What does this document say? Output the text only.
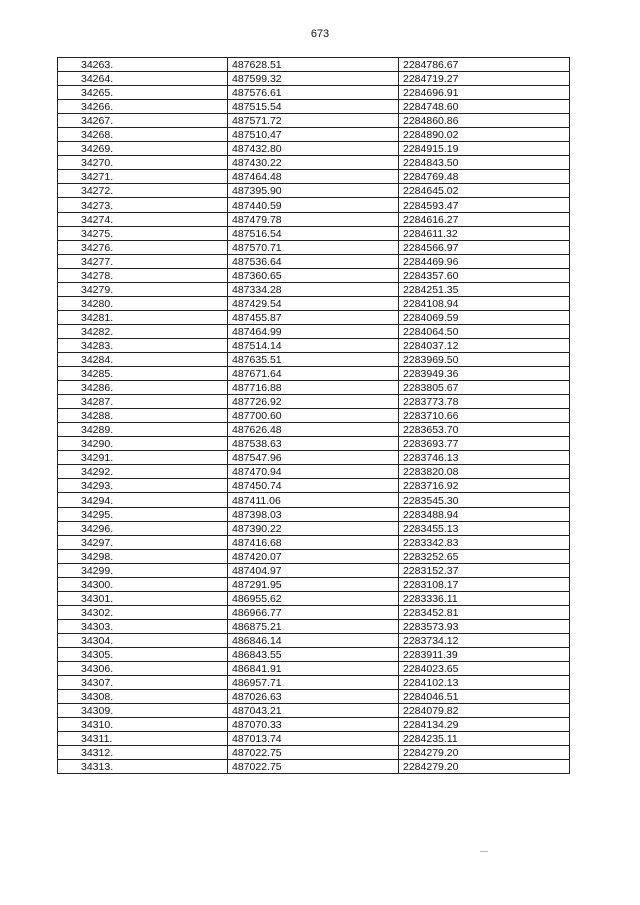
673
34263.	487628.51	2284786.67
34264.	487599.32	2284719.27
34265.	487576.61	2284696.91
34266.	487515.54	2284748.60
34267.	487571.72	2284860.86
34268.	487510.47	2284890.02
34269.	487432.80	2284915.19
34270.	487430.22	2284843.50
34271.	487464.48	2284769.48
34272.	487395.90	2284645.02
34273.	487440.59	2284593.47
34274.	487479.78	2284616.27
34275.	487516.54	2284611.32
34276.	487570.71	2284566.97
34277.	487536.64	2284469.96
34278.	487360.65	2284357.60
34279.	487334.28	2284251.35
34280.	487429.54	2284108.94
34281.	487455.87	2284069.59
34282.	487464.99	2284064.50
34283.	487514.14	2284037.12
34284.	487635.51	2283969.50
34285.	487671.64	2283949.36
34286.	487716.88	2283805.67
34287.	487726.92	2283773.78
34288.	487700.60	2283710.66
34289.	487626.48	2283653.70
34290.	487538.63	2283693.77
34291.	487547.96	2283746.13
34292.	487470.94	2283820.08
34293.	487450.74	2283716.92
34294.	487411.06	2283545.30
34295.	487398.03	2283488.94
34296.	487390.22	2283455.13
34297.	487416.68	2283342.83
34298.	487420.07	2283252.65
34299.	487404.97	2283152.37
34300.	487291.95	2283108.17
34301.	486955.62	2283336.11
34302.	486966.77	2283452.81
34303.	486875.21	2283573.93
34304.	486846.14	2283734.12
34305.	486843.55	2283911.39
34306.	486841.91	2284023.65
34307.	486957.71	2284102.13
34308.	487026.63	2284046.51
34309.	487043.21	2284079.82
34310.	487070.33	2284134.29
34311.	487013.74	2284235.11
34312.	487022.75	2284279.20
34313.	487022.75	2284279.20
